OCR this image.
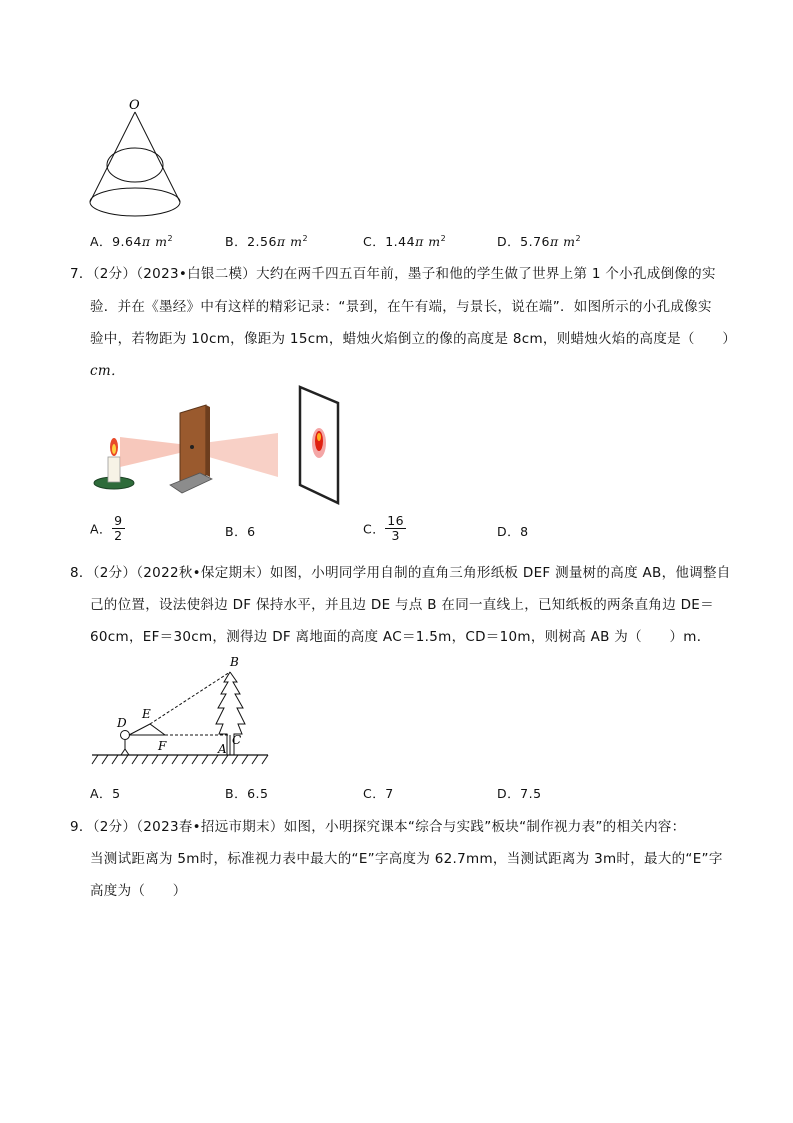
O
A．9.64π $m^2$	B．2.56π $m^2$	C．1.44π $m^2$	D．5.76π $m^2$
7．（2分）（2023•白银二模）大约在两千四五百年前，墨子和他的学生做了世界上第 1 个小孔成倒像的实
验．并在《墨经》中有这样的精彩记录：“景到，在午有端，与景长，说在端”．如图所示的小孔成像实
验中，若物距为 10cm，像距为 15cm，蜡烛火焰倒立的像的高度是 8cm，则蜡烛火焰的高度是（　　）
cm．
A． $\frac{9}{2}$	B．6	C． $\frac{16}{3}$	D．8
8．（2分）（2022秋•保定期末）如图，小明同学用自制的直角三角形纸板 DEF 测量树的高度 AB，他调整自
己的位置，设法使斜边 DF 保持水平，并且边 DE 与点 B 在同一直线上，已知纸板的两条直角边 DE＝
60cm，EF＝30cm，测得边 DF 离地面的高度 AC＝1.5m，CD＝10m，则树高 AB 为（　　）m．
B
D
E
F	C
A
A．5	B．6.5	C．7	D．7.5
9．（2分）（2023春•招远市期末）如图，小明探究课本“综合与实践”板块“制作视力表”的相关内容：
当测试距离为 5m时，标准视力表中最大的“E”字高度为 62.7mm，当测试距离为 3m时，最大的“E”字
高度为（　　）
